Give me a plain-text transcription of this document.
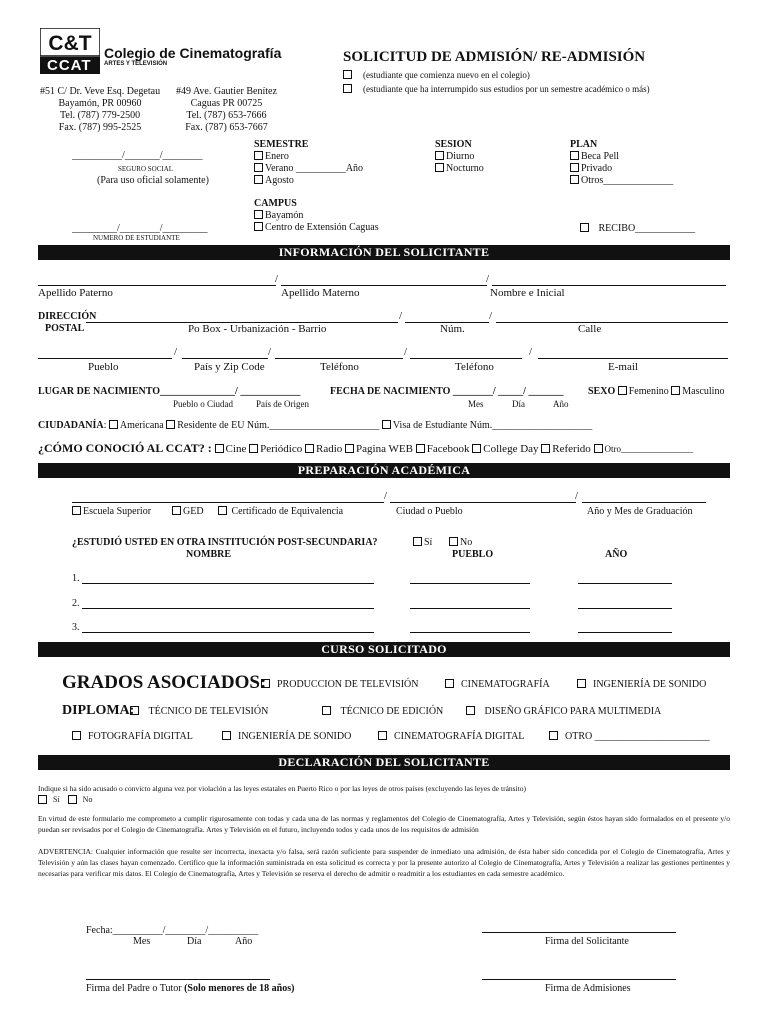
C&T
CCAT
Colegio de Cinematografía
ARTES Y TELEVISIÓN
#51 C/ Dr. Veve Esq. Degetau
Bayamón, PR 00960
Tel. (787) 779-2500
Fax. (787) 995-2525
#49 Ave. Gautier Benítez
Caguas PR 00725
Tel. (787) 653-7666
Fax. (787) 653-7667
SOLICITUD DE ADMISIÓN/ RE-ADMISIÓN
(estudiante que comienza nuevo en el colegio)
(estudiante que ha interrumpido sus estudios por un semestre académico o más)
__________/_______/________
SEGURO SOCIAL
(Para uso oficial solamente)
_________/________/_________
NUMERO DE ESTUDIANTE
SEMESTRE
Enero
Verano __________Año
Agosto
SESION
Diurno
Nocturno
PLAN
Beca Pell
Privado
Otros______________
CAMPUS
Bayamón
Centro de Extensión Caguas	RECIBO____________
INFORMACIÓN DEL SOLICITANTE
/	/
Apellido Paterno	Apellido Materno	Nombre e Inicial
DIRECCIÓN	/	/
POSTAL	Po Box - Urbanización - Barrio	Núm.	Calle
/	/	/	/
Pueblo	País y Zip Code	Teléfono	Teléfono	E-mail
LUGAR DE NACIMIENTO_______________/ ____________
Pueblo o Ciudad	País de Origen
FECHA DE NACIMIENTO ________/ _____/ _______
Mes	Día	Año
SEXO Femenino Masculino
CIUDADANÍA: Americana Residente de EU Núm.______________________ Visa de Estudiante Núm.____________________
¿CÓMO CONOCIÓ AL CCAT? : Cine Periódico Radio Pagina WEB Facebook College Day Referido Otro________________
PREPARACIÓN ACADÉMICA
/	/
Escuela Superior	GED	Certificado de Equivalencia	Ciudad o Pueblo	Año y Mes de Graduación
¿ESTUDIÓ USTED EN OTRA INSTITUCIÓN POST-SECUNDARIA?	Sí	No
NOMBRE	PUEBLO	AÑO
1.
2.
3.
CURSO SOLICITADO
GRADOS ASOCIADOS:	PRODUCCION DE TELEVISIÓN	CINEMATOGRAFÍA	INGENIERÍA DE SONIDO
DIPLOMA:	TÉCNICO DE TELEVISIÓN	TÉCNICO DE EDICIÓN	DISEÑO GRÁFICO PARA MULTIMEDIA
FOTOGRAFÍA DIGITAL	INGENIERÍA DE SONIDO	CINEMATOGRAFÍA DIGITAL	OTRO _______________________
DECLARACIÓN DEL SOLICITANTE
Indique si ha sido acusado o convicto alguna vez por violación a las leyes estatales en Puerto Rico o por las leyes de otros países (excluyendo las leyes de tránsito)
Sí	No
En virtud de este formulario me comprometo a cumplir rigurosamente con todas y cada una de las normas y reglamentos del Colegio de Cinematografía, Artes y Televisión, según éstos hayan sido formalados en el presente y/o puedan ser revisados por el Colegio de Cinematografía. Artes y Televisión en el futuro, incluyendo todos y cada unos de los requisitos de admisión
ADVERTENCIA: Cualquier información que resulte ser incorrecta, inexacta y/o falsa, será razón suficiente para suspender de inmediato una admisión, de ésta haber sido concedida por el Colegio de Cinematografía, Artes y Televisión y aún las clases hayan comenzado. Certifico que la información suministrada en esta solicitud es correcta y por la presente autorizo al Colegio de Cinematografía, Artes y Televisión a realizar las gestiones pertinentes y necesarias para verificar mis datos. El Colegio de Cinematografía, Artes y Televisión se reserva el derecho de admitir o readmitir a los estudiantes en cada semestre académico.
Fecha:__________/________/__________
Mes	Día	Año	Firma del Solicitante
Firma del Padre o Tutor (Solo menores de 18 años)	Firma de Admisiones
